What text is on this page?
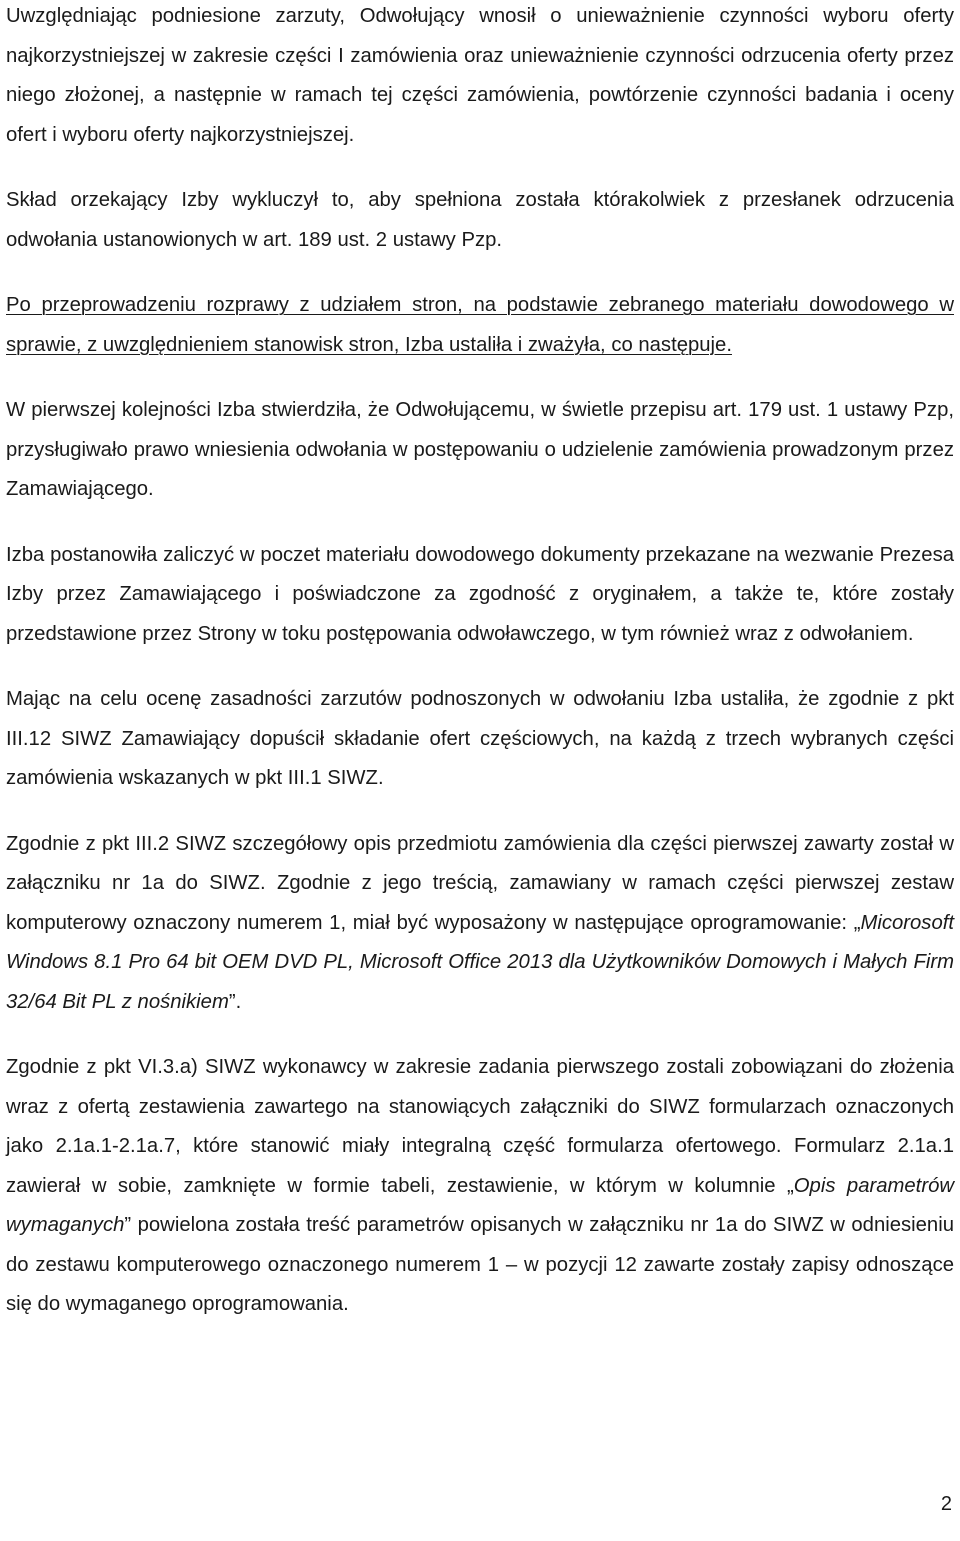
Uwzględniając podniesione zarzuty, Odwołujący wnosił o unieważnienie czynności wyboru oferty najkorzystniejszej w zakresie części I zamówienia oraz unieważnienie czynności odrzucenia oferty przez niego złożonej, a następnie w ramach tej części zamówienia, powtórzenie czynności badania i oceny ofert i wyboru oferty najkorzystniejszej.

Skład orzekający Izby wykluczył to, aby spełniona została którakolwiek z przesłanek odrzucenia odwołania ustanowionych w art. 189 ust. 2 ustawy Pzp.

Po przeprowadzeniu rozprawy z udziałem stron, na podstawie zebranego materiału dowodowego w sprawie, z uwzględnieniem stanowisk stron, Izba ustaliła i zważyła, co następuje.

W pierwszej kolejności Izba stwierdziła, że Odwołującemu, w świetle przepisu art. 179 ust. 1 ustawy Pzp, przysługiwało prawo wniesienia odwołania w postępowaniu o udzielenie zamówienia prowadzonym przez Zamawiającego.

Izba postanowiła zaliczyć w poczet materiału dowodowego dokumenty przekazane na wezwanie Prezesa Izby przez Zamawiającego i poświadczone za zgodność z oryginałem, a także te, które zostały przedstawione przez Strony w toku postępowania odwoławczego, w tym również wraz z odwołaniem.

Mając na celu ocenę zasadności zarzutów podnoszonych w odwołaniu Izba ustaliła, że zgodnie z pkt III.12 SIWZ Zamawiający dopuścił składanie ofert częściowych, na każdą z trzech wybranych części zamówienia wskazanych w pkt III.1 SIWZ.

Zgodnie z pkt III.2 SIWZ szczegółowy opis przedmiotu zamówienia dla części pierwszej zawarty został w załączniku nr 1a do SIWZ. Zgodnie z jego treścią, zamawiany w ramach części pierwszej zestaw komputerowy oznaczony numerem 1, miał być wyposażony w następujące oprogramowanie: „Micorosoft Windows 8.1 Pro 64 bit OEM DVD PL, Microsoft Office 2013 dla Użytkowników Domowych i Małych Firm 32/64 Bit PL z nośnikiem”.

Zgodnie z pkt VI.3.a) SIWZ wykonawcy w zakresie zadania pierwszego zostali zobowiązani do złożenia wraz z ofertą zestawienia zawartego na stanowiących załączniki do SIWZ formularzach oznaczonych jako 2.1a.1-2.1a.7, które stanowić miały integralną część formularza ofertowego. Formularz 2.1a.1 zawierał w sobie, zamknięte w formie tabeli, zestawienie, w którym w kolumnie „Opis parametrów wymaganych” powielona została treść parametrów opisanych w załączniku nr 1a do SIWZ w odniesieniu do zestawu komputerowego oznaczonego numerem 1 – w pozycji 12 zawarte zostały zapisy odnoszące się do wymaganego oprogramowania.

2
